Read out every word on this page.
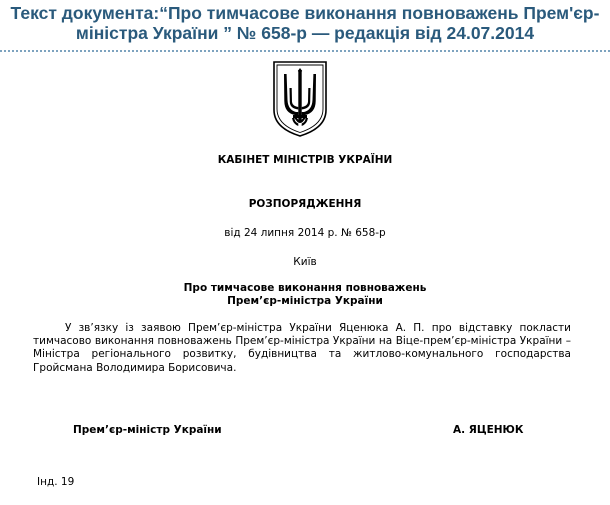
Текст документа:“Про тимчасове виконання повноважень Прем'єр-міністра України ” № 658-р — редакція від 24.07.2014
КАБІНЕТ МІНІСТРІВ УКРАЇНИ
РОЗПОРЯДЖЕННЯ
від 24 липня 2014 р. № 658-р
Київ
Про тимчасове виконання повноважень
Прем’єр-міністра України
У зв’язку із заявою Прем’єр-міністра України Яценюка А. П. про відставку покласти тимчасово виконання повноважень Прем’єр-міністра України на Віце-прем’єр-міністра України – Міністра регіонального розвитку, будівництва та житлово-комунального господарства Гройсмана Володимира Борисовича.
Прем’єр-міністр України	А. ЯЦЕНЮК
Інд. 19
